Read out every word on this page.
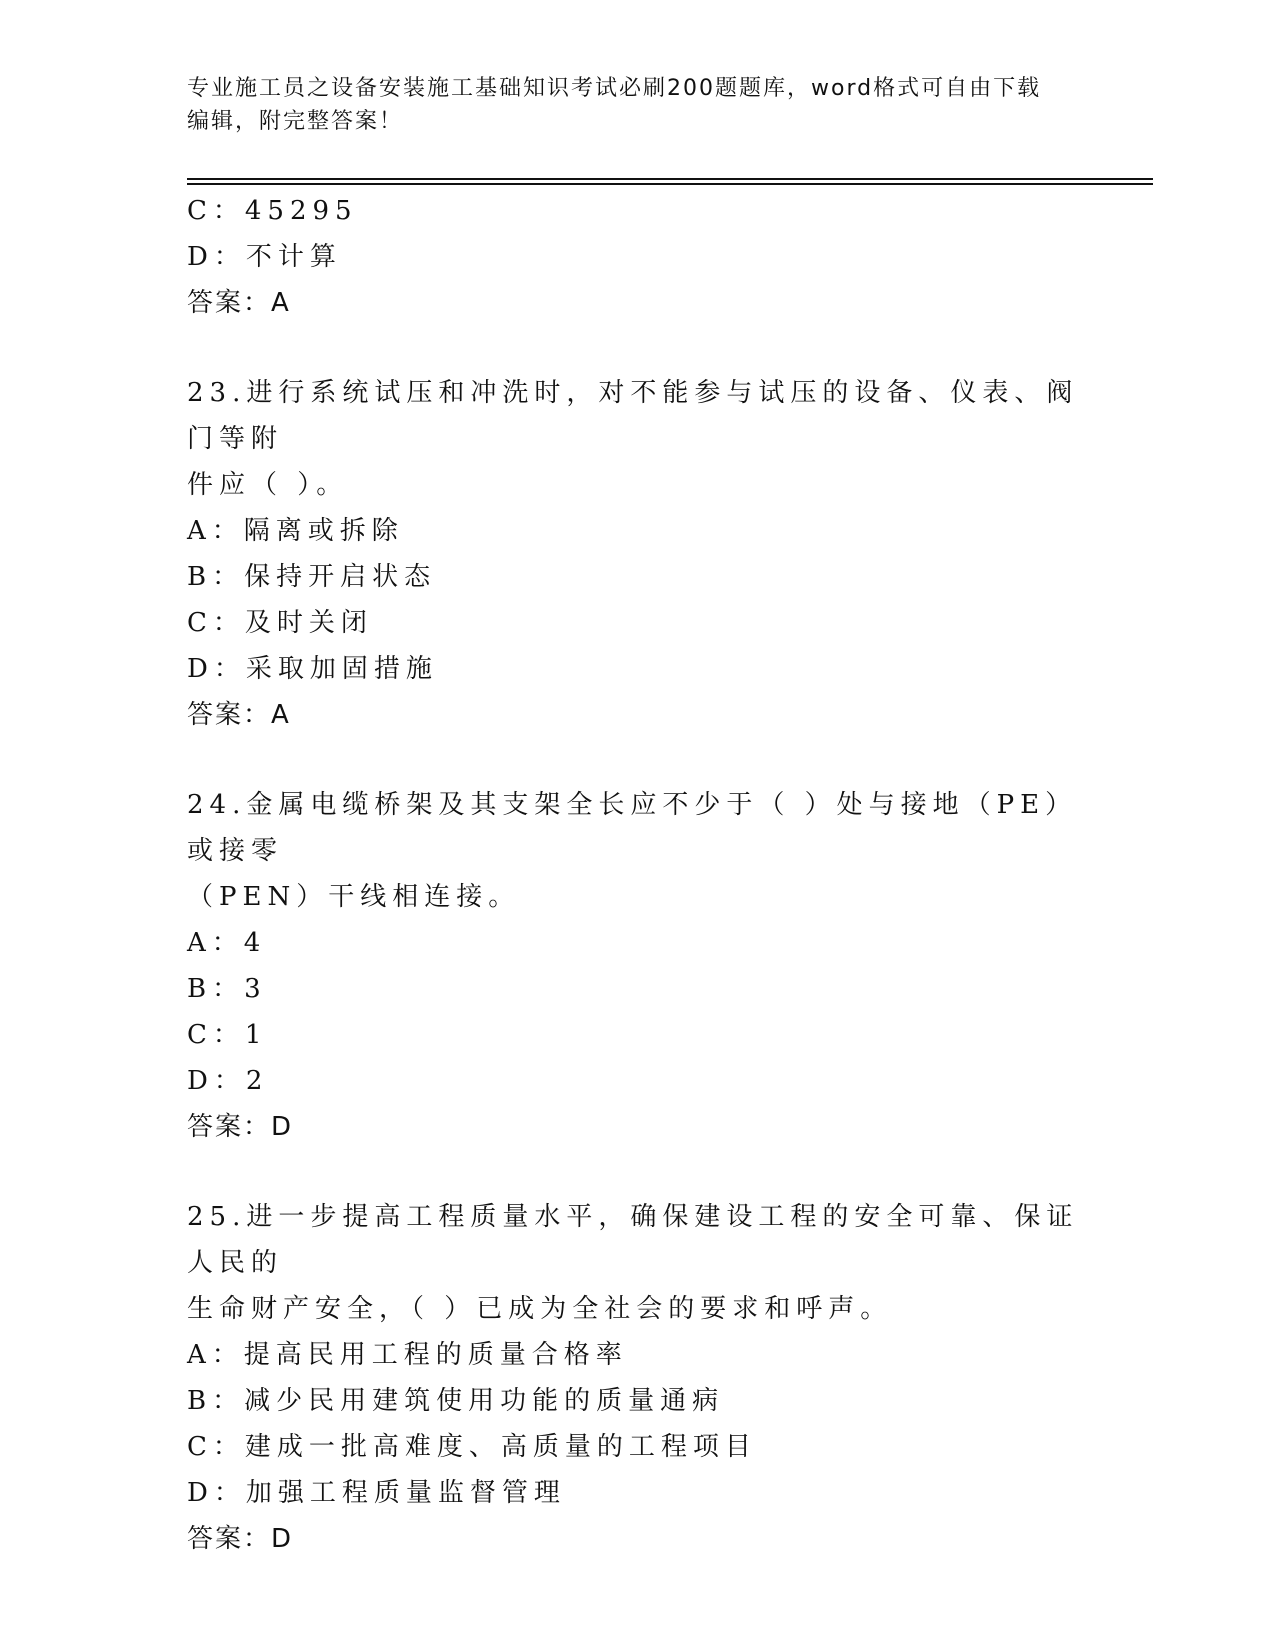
专业施工员之设备安装施工基础知识考试必刷200题题库，word格式可自由下载
编辑，附完整答案！
C：45295
D：不计算
答案：A
23.进行系统试压和冲洗时，对不能参与试压的设备、仪表、阀门等附
件应（ ）。
A：隔离或拆除
B：保持开启状态
C：及时关闭
D：采取加固措施
答案：A
24.金属电缆桥架及其支架全长应不少于（ ）处与接地（PE）或接零
（PEN）干线相连接。
A：4
B：3
C：1
D：2
答案：D
25.进一步提高工程质量水平，确保建设工程的安全可靠、保证人民的
生命财产安全，（ ）已成为全社会的要求和呼声。
A：提高民用工程的质量合格率
B：减少民用建筑使用功能的质量通病
C：建成一批高难度、高质量的工程项目
D：加强工程质量监督管理
答案：D
